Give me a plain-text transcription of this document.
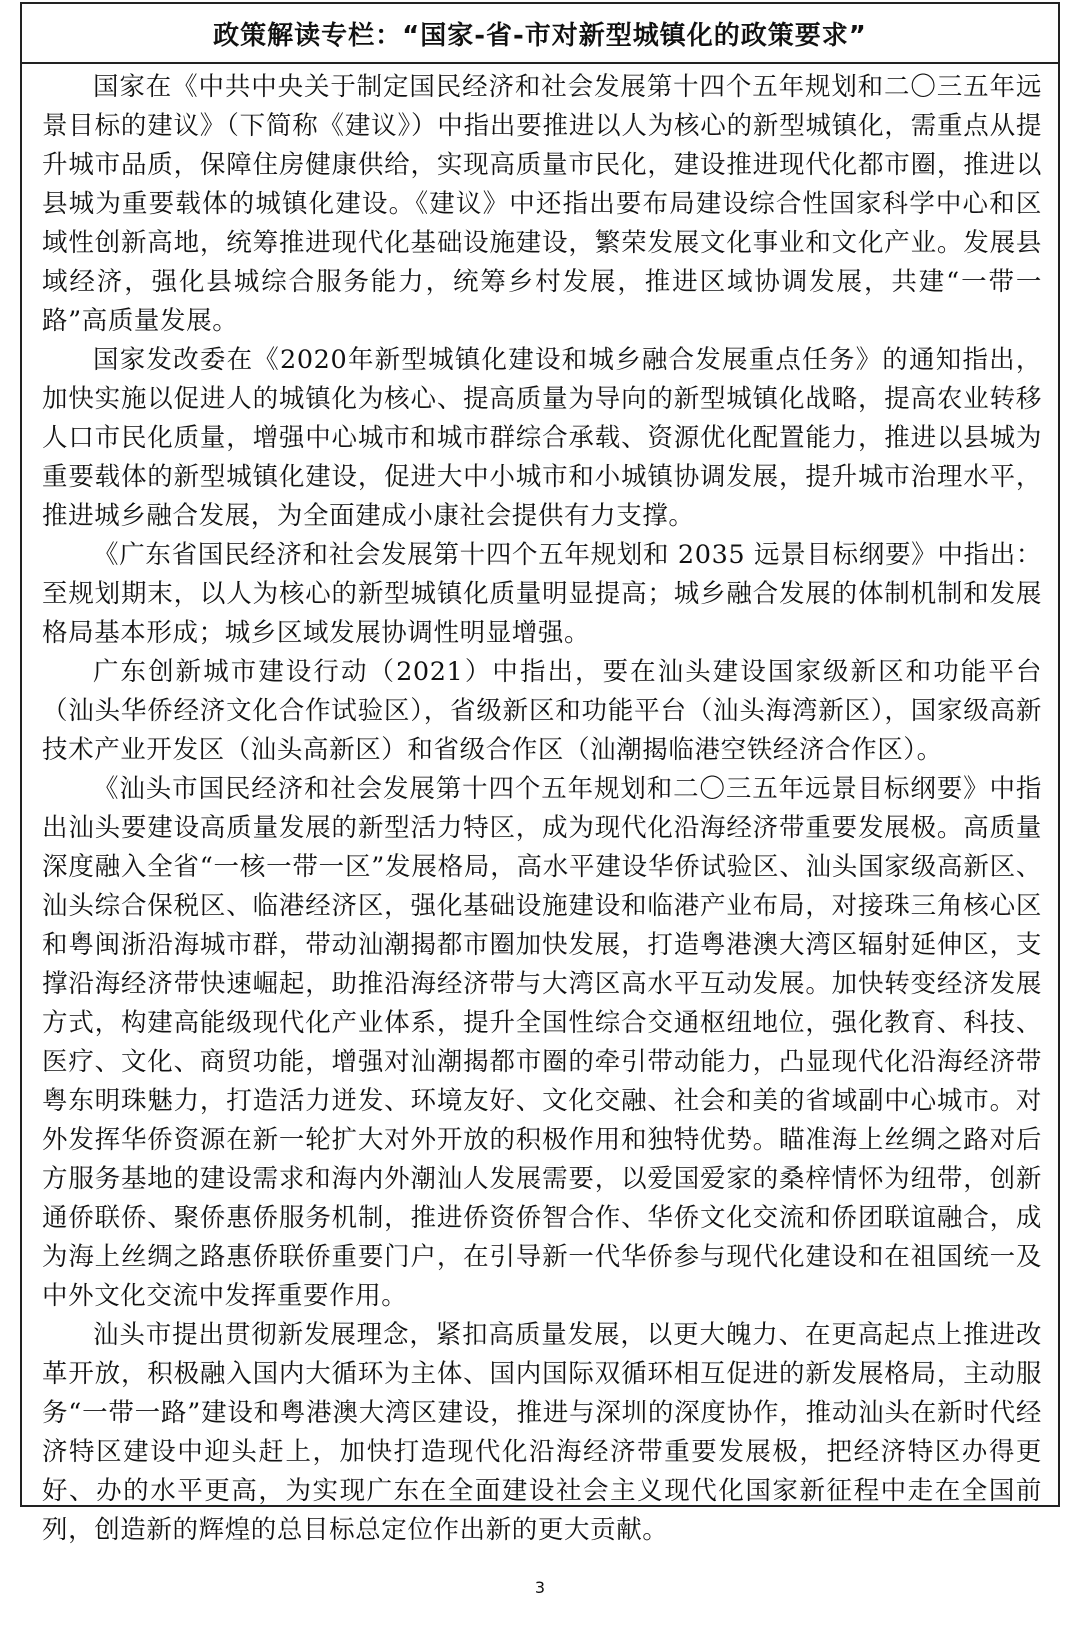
政策解读专栏：“国家-省-市对新型城镇化的政策要求”

国家在《中共中央关于制定国民经济和社会发展第十四个五年规划和二〇三五年远景目标的建议》（下简称《建议》）中指出要推进以人为核心的新型城镇化，需重点从提升城市品质，保障住房健康供给，实现高质量市民化，建设推进现代化都市圈，推进以县城为重要载体的城镇化建设。《建议》中还指出要布局建设综合性国家科学中心和区域性创新高地，统筹推进现代化基础设施建设，繁荣发展文化事业和文化产业。发展县域经济，强化县城综合服务能力，统筹乡村发展，推进区域协调发展，共建“一带一路”高质量发展。

国家发改委在《2020年新型城镇化建设和城乡融合发展重点任务》的通知指出，加快实施以促进人的城镇化为核心、提高质量为导向的新型城镇化战略，提高农业转移人口市民化质量，增强中心城市和城市群综合承载、资源优化配置能力，推进以县城为重要载体的新型城镇化建设，促进大中小城市和小城镇协调发展，提升城市治理水平，推进城乡融合发展，为全面建成小康社会提供有力支撑。

《广东省国民经济和社会发展第十四个五年规划和 2035 远景目标纲要》中指出：至规划期末，以人为核心的新型城镇化质量明显提高；城乡融合发展的体制机制和发展格局基本形成；城乡区域发展协调性明显增强。

广东创新城市建设行动（2021）中指出，要在汕头建设国家级新区和功能平台（汕头华侨经济文化合作试验区），省级新区和功能平台（汕头海湾新区），国家级高新技术产业开发区（汕头高新区）和省级合作区（汕潮揭临港空铁经济合作区）。

《汕头市国民经济和社会发展第十四个五年规划和二〇三五年远景目标纲要》中指出汕头要建设高质量发展的新型活力特区，成为现代化沿海经济带重要发展极。高质量深度融入全省“一核一带一区”发展格局，高水平建设华侨试验区、汕头国家级高新区、汕头综合保税区、临港经济区，强化基础设施建设和临港产业布局，对接珠三角核心区和粤闽浙沿海城市群，带动汕潮揭都市圈加快发展，打造粤港澳大湾区辐射延伸区，支撑沿海经济带快速崛起，助推沿海经济带与大湾区高水平互动发展。加快转变经济发展方式，构建高能级现代化产业体系，提升全国性综合交通枢纽地位，强化教育、科技、医疗、文化、商贸功能，增强对汕潮揭都市圈的牵引带动能力，凸显现代化沿海经济带粤东明珠魅力，打造活力迸发、环境友好、文化交融、社会和美的省域副中心城市。对外发挥华侨资源在新一轮扩大对外开放的积极作用和独特优势。瞄准海上丝绸之路对后方服务基地的建设需求和海内外潮汕人发展需要，以爱国爱家的桑梓情怀为纽带，创新通侨联侨、聚侨惠侨服务机制，推进侨资侨智合作、华侨文化交流和侨团联谊融合，成为海上丝绸之路惠侨联侨重要门户，在引导新一代华侨参与现代化建设和在祖国统一及中外文化交流中发挥重要作用。

汕头市提出贯彻新发展理念，紧扣高质量发展，以更大魄力、在更高起点上推进改革开放，积极融入国内大循环为主体、国内国际双循环相互促进的新发展格局，主动服务“一带一路”建设和粤港澳大湾区建设，推进与深圳的深度协作，推动汕头在新时代经济特区建设中迎头赶上，加快打造现代化沿海经济带重要发展极，把经济特区办得更好、办的水平更高，为实现广东在全面建设社会主义现代化国家新征程中走在全国前列，创造新的辉煌的总目标总定位作出新的更大贡献。

3
